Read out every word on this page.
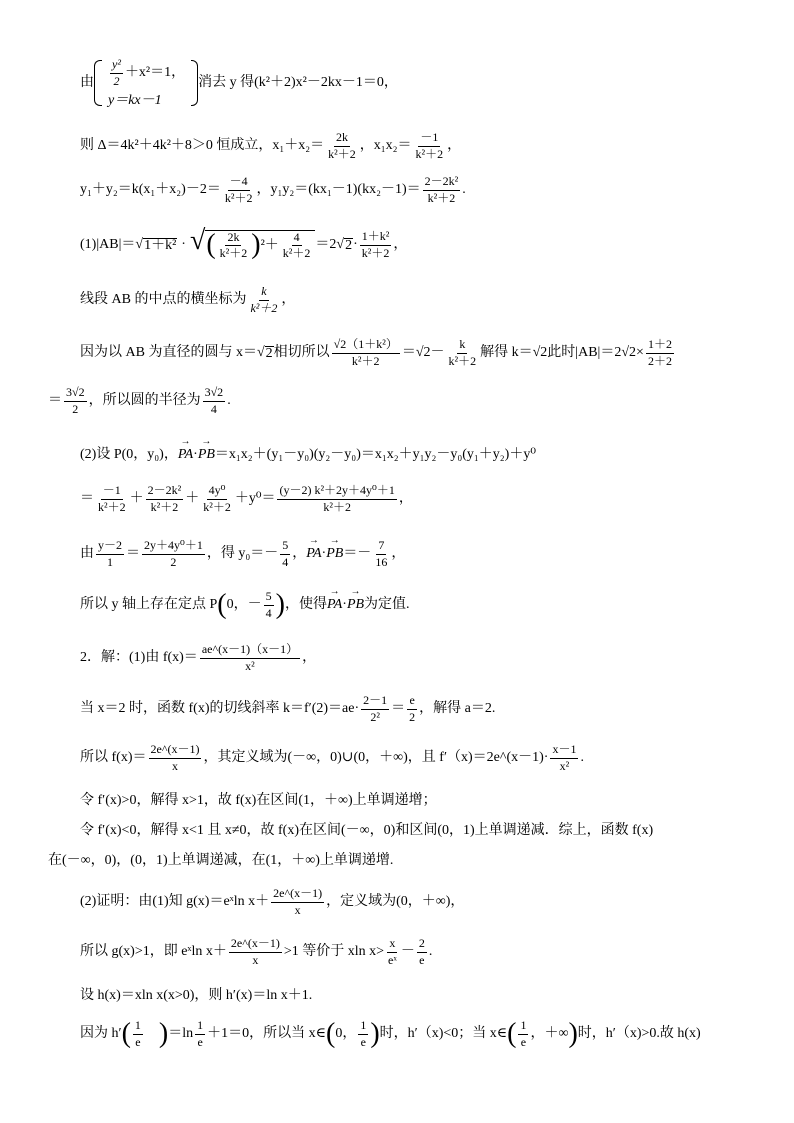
由 $\frac{\text{y²}}{2} +x^2=1$，
y＝kx－1
消去 y 得(k²＋2)x²－2kx－1＝0，
则 Δ＝4k²＋4k²＋8＞0 恒成立，$x_1+x_2= \frac{2k}{\text{k²＋2}}$ ，$x_1x_2= \frac{-1}{\text{k²＋2}}$ ，
$y_1+y_2=k(x_1+x_2)-2= \frac{-4}{\text{k²＋2}}$ ，$y_1y_2=(kx_1-1)(kx_2-1)= \frac{\text{2－2k²}}{\text{k²＋2}}$ .
(1)|AB|＝ √ 1＋k² · √ ( $\frac{2k}{\text{k²＋2}}$ ) $^2+ \frac{4}{\text{k²＋2}} =2$ √ $2 \cdot \frac{\text{1＋k²}}{\text{k²＋2}}$ ，
线段 AB 的中点的横坐标为 $\frac{k}{\text{k²＋2}}$ ，
因为以 AB 为直径的圆与 x＝ √ 2 相切所以 $\frac{\text{√2（1＋k²）}}{\text{k²＋2}} =√2- \frac{k}{\text{k²＋2}}$ 解得 k＝√2此时$|AB|=2√2\times \frac{1+2}{2+2}$
＝ $\frac{3√2}{2}$ ，所以圆的半径为 $\frac{3√2}{4}$ .
(2)设 P(0，y₀)， → PA · → PB ＝x₁x₂＋(y₁－y₀)(y₂－y₀)＝x₁x₂＋y₁y₂－y₀(y₁＋y₂)＋y⁰
＝ $\frac{-1}{\text{k²＋2}} + \frac{\text{2－2k²}}{\text{k²＋2}} + \frac{\text{4y⁰}}{\text{k²＋2}} +y^0= \frac{\text{(y－2) k²＋2y＋4y⁰＋1}}{\text{k²＋2}}$ ，
由 $\frac{y-2}{1} = \frac{\text{2y＋4y⁰＋1}}{2}$ ，得 $y_0=- \frac{5}{4}$ ， → PA · → PB ＝－ $\frac{7}{16}$ ，
所以 y 轴上存在定点 P ( 0，－ $\frac{5}{4}$ ) ，使得 → PA · → PB 为定值.
2．解：(1)由 $f(x)= \frac{ae\^{}(x-1)(x-1)}{\text{x²}}$ ，
当 x＝2 时，函数 f(x)的切线斜率 $k=f'(2)=ae\cdot \frac{2-1}{\text{2²}} = \frac{e}{2}$ ，解得 a＝2.
所以 $f(x)= \frac{2e\^{}(x-1)}{x}$ ，其定义域为(－∞，0)∪(0，＋∞)，且 f′（x)＝2e^(x－1)· $\frac{x-1}{\text{x²}}$ .
令 f′(x)>0，解得 x>1，故 f(x)在区间(1，＋∞)上单调递增；
令 f′(x)<0，解得 x<1 且 x≠0，故 f(x)在区间(－∞，0)和区间(0，1)上单调递减．综上，函数 f(x)
在(－∞，0)，(0，1)上单调递减，在(1，＋∞)上单调递增.
(2)证明：由(1)知 g(x)＝eˣln $x+ \frac{2e\^{}(x-1)}{x}$ ，定义域为(0，＋∞)，
所以 g(x)>1，即 eˣln $x+ \frac{2e\^{}(x-1)}{x} >1$ 等价于 xln $x> \frac{x}{\text{eˣ}} - \frac{2}{e}$ .
设 h(x)＝xln x(x>0)，则 h′(x)＝ln x＋1.
因为 h′ ( $\frac{1}{e}$ ) $=\ln \frac{1}{e} +1=0$，所以当 x∈ ( 0， $\frac{1}{e}$ ) 时，h′（x)<0；当 x∈ ( $\frac{1}{e}$ ，＋∞ ) 时，h′（x)>0.故 h(x)
